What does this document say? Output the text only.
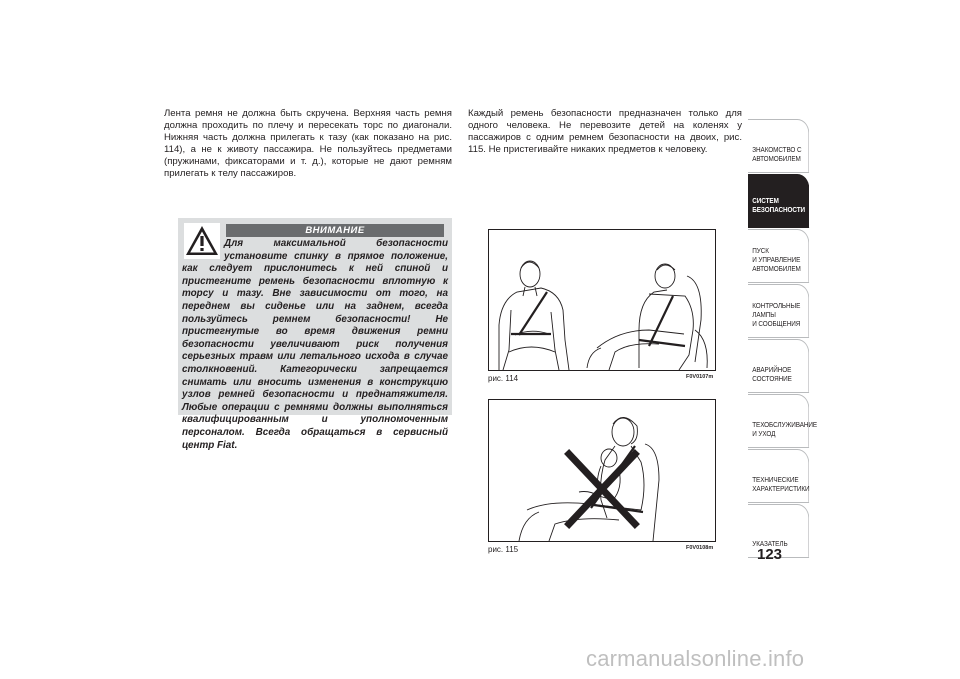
Лента ремня не должна быть скручена. Верхняя часть ремня должна проходить по плечу и пересекать торс по диагонали. Нижняя часть должна прилегать к тазу (как показано на рис. 114), а не к животу пассажира. Не пользуйтесь предметами (пружинами, фиксаторами и т. д.), которые не дают ремням прилегать к телу пассажиров.

ВНИМАНИЕ

Для максимальной безопасности установите спинку в прямое положение, как следует прислонитесь к ней спиной и пристегните ремень безопасности вплотную к торсу и тазу. Вне зависимости от того, на переднем вы сиденье или на заднем, всегда пользуйтесь ремнем безопасности! Не пристегнутые во время движения ремни безопасности увеличивают риск получения серьезных травм или летального исхода в случае столкновений. Категорически запрещается снимать или вносить изменения в конструкцию узлов ремней безопасности и преднатяжителя. Любые операции с ремнями должны выполняться квалифицированным и уполномоченным персоналом. Всегда обращаться в сервисный центр Fiat.

Каждый ремень безопасности предназначен только для одного человека. Не перевозите детей на коленях у пассажиров с одним ремнем безопасности на двоих, рис. 115. Не пристегивайте никаких предметов к человеку.

рис. 114	F0V0107m
рис. 115	F0V0108m
ЗНАКОМСТВО С
АВТОМОБИЛЕМ
СИСТЕМ
БЕЗОПАСНОСТИ
ПУСК
И УПРАВЛЕНИЕ
АВТОМОБИЛЕМ
КОНТРОЛЬНЫЕ
ЛАМПЫ
И СООБЩЕНИЯ
АВАРИЙНОЕ
СОСТОЯНИЕ
ТЕХОБСЛУЖИВАНИЕ
И УХОД
ТЕХНИЧЕСКИЕ
ХАРАКТЕРИСТИКИ
УКАЗАТЕЛЬ
123
carmanualsonline.info
